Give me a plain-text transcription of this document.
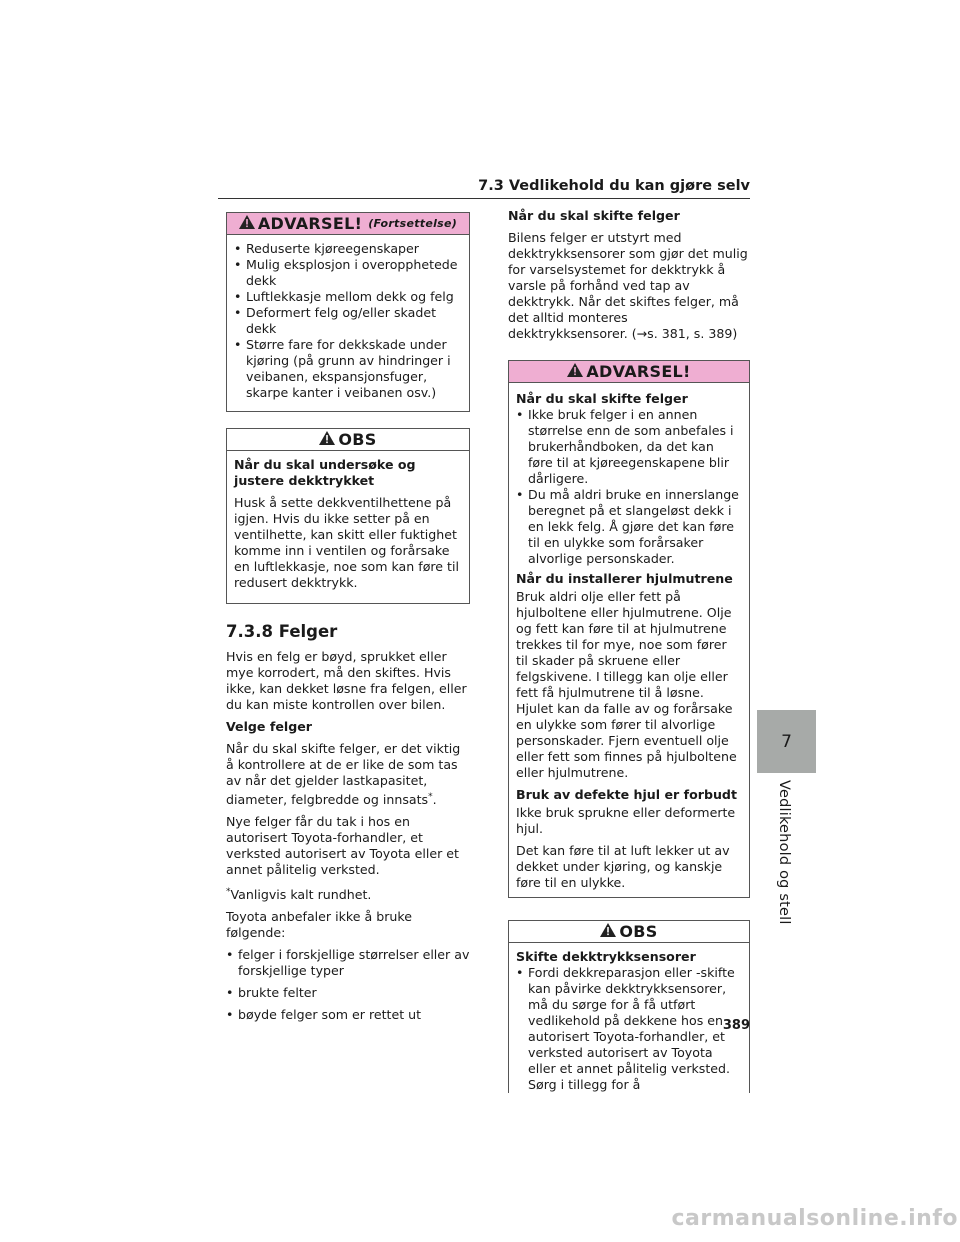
7.3 Vedlikehold du kan gjøre selv
ADVARSEL! (Fortsettelse)
• Reduserte kjøreegenskaper
• Mulig eksplosjon i overopphetede dekk
• Luftlekkasje mellom dekk og felg
• Deformert felg og/eller skadet dekk
• Større fare for dekkskade under kjøring (på grunn av hindringer i veibanen, ekspansjonsfuger, skarpe kanter i veibanen osv.)
OBS

Når du skal undersøke og justere dekktrykket

Husk å sette dekkventilhettene på igjen. Hvis du ikke setter på en ventilhette, kan skitt eller fuktighet komme inn i ventilen og forårsake en luftlekkasje, noe som kan føre til redusert dekktrykk.

7.3.8 Felger

Hvis en felg er bøyd, sprukket eller mye korrodert, må den skiftes. Hvis ikke, kan dekket løsne fra felgen, eller du kan miste kontrollen over bilen.

Velge felger

Når du skal skifte felger, er det viktig å kontrollere at de er like de som tas av når det gjelder lastkapasitet, diameter, felgbredde og innsats*.

Nye felger får du tak i hos en autorisert Toyota-forhandler, et verksted autorisert av Toyota eller et annet pålitelig verksted.

*Vanligvis kalt rundhet.

Toyota anbefaler ikke å bruke følgende:

• felger i forskjellige størrelser eller av forskjellige typer
• brukte felter
• bøyde felger som er rettet ut

Når du skal skifte felger

Bilens felger er utstyrt med dekktrykksensorer som gjør det mulig for varselsystemet for dekktrykk å varsle på forhånd ved tap av dekktrykk. Når det skiftes felger, må det alltid monteres dekktrykksensorer. (→s. 381, s. 389)

ADVARSEL!

Når du skal skifte felger

• Ikke bruk felger i en annen størrelse enn de som anbefales i brukerhåndboken, da det kan føre til at kjøreegenskapene blir dårligere.
• Du må aldri bruke en innerslange beregnet på et slangeløst dekk i en lekk felg. Å gjøre det kan føre til en ulykke som forårsaker alvorlige personskader.

Når du installerer hjulmutrene

Bruk aldri olje eller fett på hjulboltene eller hjulmutrene. Olje og fett kan føre til at hjulmutrene trekkes til for mye, noe som fører til skader på skruene eller felgskivene. I tillegg kan olje eller fett få hjulmutrene til å løsne. Hjulet kan da falle av og forårsake en ulykke som fører til alvorlige personskader. Fjern eventuell olje eller fett som finnes på hjulboltene eller hjulmutrene.

Bruk av defekte hjul er forbudt

Ikke bruk sprukne eller deformerte hjul.

Det kan føre til at luft lekker ut av dekket under kjøring, og kanskje føre til en ulykke.

OBS

Skifte dekktrykksensorer

• Fordi dekkreparasjon eller -skifte kan påvirke dekktrykksensorer, må du sørge for å få utført vedlikehold på dekkene hos en autorisert Toyota-forhandler, et verksted autorisert av Toyota eller et annet pålitelig verksted. Sørg i tillegg for å
389
7
Vedlikehold og stell
carmanualsonline.info
